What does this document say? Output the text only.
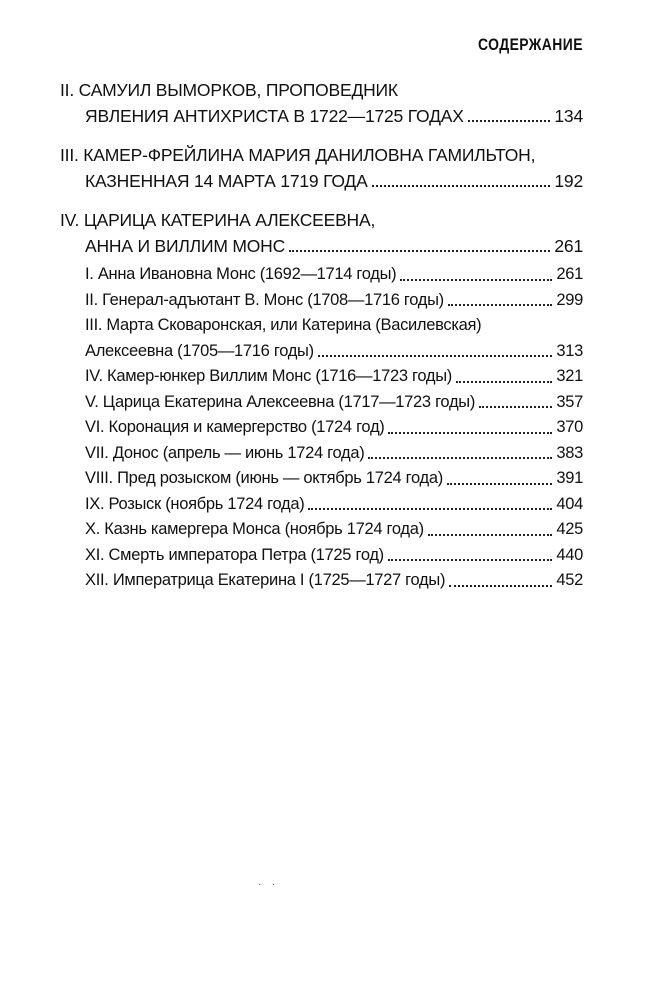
СОДЕРЖАНИЕ
II. САМУИЛ ВЫМОРКОВ, ПРОПОВЕДНИК
ЯВЛЕНИЯ АНТИХРИСТА В 1722—1725 ГОДАХ	134
III. КАМЕР-ФРЕЙЛИНА МАРИЯ ДАНИЛОВНА ГАМИЛЬТОН,
КАЗНЕННАЯ 14 МАРТА 1719 ГОДА	192
IV. ЦАРИЦА КАТЕРИНА АЛЕКСЕЕВНА,
АННА И ВИЛЛИМ МОНС	261
I. Анна Ивановна Монс (1692—1714 годы)	261
II. Генерал-адъютант В. Монс (1708—1716 годы)	299
III. Марта Сковаронская, или Катерина (Василевская)
Алексеевна (1705—1716 годы)	313
IV. Камер-юнкер Виллим Монс (1716—1723 годы)	321
V. Царица Екатерина Алексеевна (1717—1723 годы)	357
VI. Коронация и камергерство (1724 год)	370
VII. Донос (апрель — июнь 1724 года)	383
VIII. Пред розыском (июнь — октябрь 1724 года)	391
IX. Розыск (ноябрь 1724 года)	404
X. Казнь камергера Монса (ноябрь 1724 года)	425
XI. Смерть императора Петра (1725 год)	440
XII. Императрица Екатерина I (1725—1727 годы)	452
· ·
